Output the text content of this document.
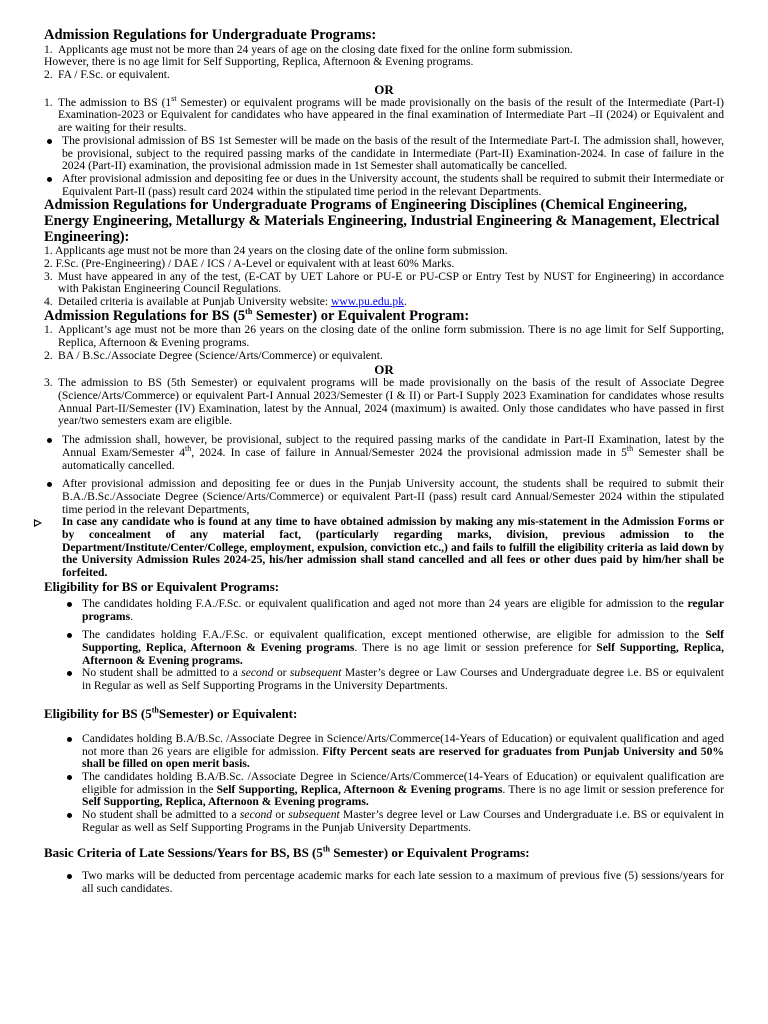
Admission Regulations for Undergraduate Programs:
1. Applicants age must not be more than 24 years of age on the closing date fixed for the online form submission.

However, there is no age limit for Self Supporting, Replica, Afternoon & Evening programs.

2. FA / F.Sc. or equivalent.
OR
1. The admission to BS (1st Semester) or equivalent programs will be made provisionally on the basis of the result of the Intermediate (Part-I) Examination-2023 or Equivalent for candidates who have appeared in the final examination of Intermediate Part –II (2024) or Equivalent and are waiting for their results.
The provisional admission of BS 1st Semester will be made on the basis of the result of the Intermediate Part-I. The admission shall, however, be provisional, subject to the required passing marks of the candidate in Intermediate (Part-II) Examination-2024. In case of failure in the 2024 (Part-II) examination, the provisional admission made in 1st Semester shall automatically be cancelled.
After provisional admission and depositing fee or dues in the University account, the students shall be required to submit their Intermediate or Equivalent Part-II (pass) result card 2024 within the stipulated time period in the relevant Departments.
Admission Regulations for Undergraduate Programs of Engineering Disciplines (Chemical Engineering, Energy Engineering, Metallurgy & Materials Engineering, Industrial Engineering & Management, Electrical Engineering):

1. Applicants age must not be more than 24 years on the closing date of the online form submission.

2. F.Sc. (Pre-Engineering) / DAE / ICS / A-Level or equivalent with at least 60% Marks.

3. Must have appeared in any of the test, (E-CAT by UET Lahore or PU-E or PU-CSP or Entry Test by NUST for Engineering) in accordance with Pakistan Engineering Council Regulations.
4. Detailed criteria is available at Punjab University website: www.pu.edu.pk.
Admission Regulations for BS (5th Semester) or Equivalent Program:
1. Applicant’s age must not be more than 26 years on the closing date of the online form submission. There is no age limit for Self Supporting, Replica, Afternoon & Evening programs.
2. BA / B.Sc./Associate Degree (Science/Arts/Commerce) or equivalent.
OR
3. The admission to BS (5th Semester) or equivalent programs will be made provisionally on the basis of the result of Associate Degree (Science/Arts/Commerce) or equivalent Part-I Annual 2023/Semester (I & II) or Part-I Supply 2023 Examination for candidates whose results Annual Part-II/Semester (IV) Examination, latest by the Annual, 2024 (maximum) is awaited. Only those candidates who have passed in first year/two semesters exam are eligible.
The admission shall, however, be provisional, subject to the required passing marks of the candidate in Part-II Examination, latest by the Annual Exam/Semester 4th, 2024. In case of failure in Annual/Semester 2024 the provisional admission made in 5th Semester shall be automatically cancelled.
After provisional admission and depositing fee or dues in the Punjab University account, the students shall be required to submit their B.A./B.Sc./Associate Degree (Science/Arts/Commerce) or equivalent Part-II (pass) result card Annual/Semester 2024 within the stipulated time period in the relevant Departments,
In case any candidate who is found at any time to have obtained admission by making any mis-statement in the Admission Forms or by concealment of any material fact, (particularly regarding marks, division, previous admission to the Department/Institute/Center/College, employment, expulsion, conviction etc.,) and fails to fulfill the eligibility criteria as laid down by the University Admission Rules 2024-25, his/her admission shall stand cancelled and all fees or other dues paid by him/her shall be forfeited.
Eligibility for BS or Equivalent Programs:
The candidates holding F.A./F.Sc. or equivalent qualification and aged not more than 24 years are eligible for admission to the regular programs.
The candidates holding F.A./F.Sc. or equivalent qualification, except mentioned otherwise, are eligible for admission to the Self Supporting, Replica, Afternoon & Evening programs. There is no age limit or session preference for Self Supporting, Replica, Afternoon & Evening programs.
No student shall be admitted to a second or subsequent Master’s degree or Law Courses and Undergraduate degree i.e. BS or equivalent in Regular as well as Self Supporting Programs in the University Departments.
Eligibility for BS (5thSemester) or Equivalent:
Candidates holding B.A/B.Sc. /Associate Degree in Science/Arts/Commerce(14-Years of Education) or equivalent qualification and aged not more than 26 years are eligible for admission. Fifty Percent seats are reserved for graduates from Punjab University and 50% shall be filled on open merit basis.
The candidates holding B.A/B.Sc. /Associate Degree in Science/Arts/Commerce(14-Years of Education) or equivalent qualification are eligible for admission in the Self Supporting, Replica, Afternoon & Evening programs. There is no age limit or session preference for Self Supporting, Replica, Afternoon & Evening programs.
No student shall be admitted to a second or subsequent Master’s degree level or Law Courses and Undergraduate i.e. BS or equivalent in Regular as well as Self Supporting Programs in the Punjab University Departments.
Basic Criteria of Late Sessions/Years for BS, BS (5th Semester) or Equivalent Programs:
Two marks will be deducted from percentage academic marks for each late session to a maximum of previous five (5) sessions/years for all such candidates.
